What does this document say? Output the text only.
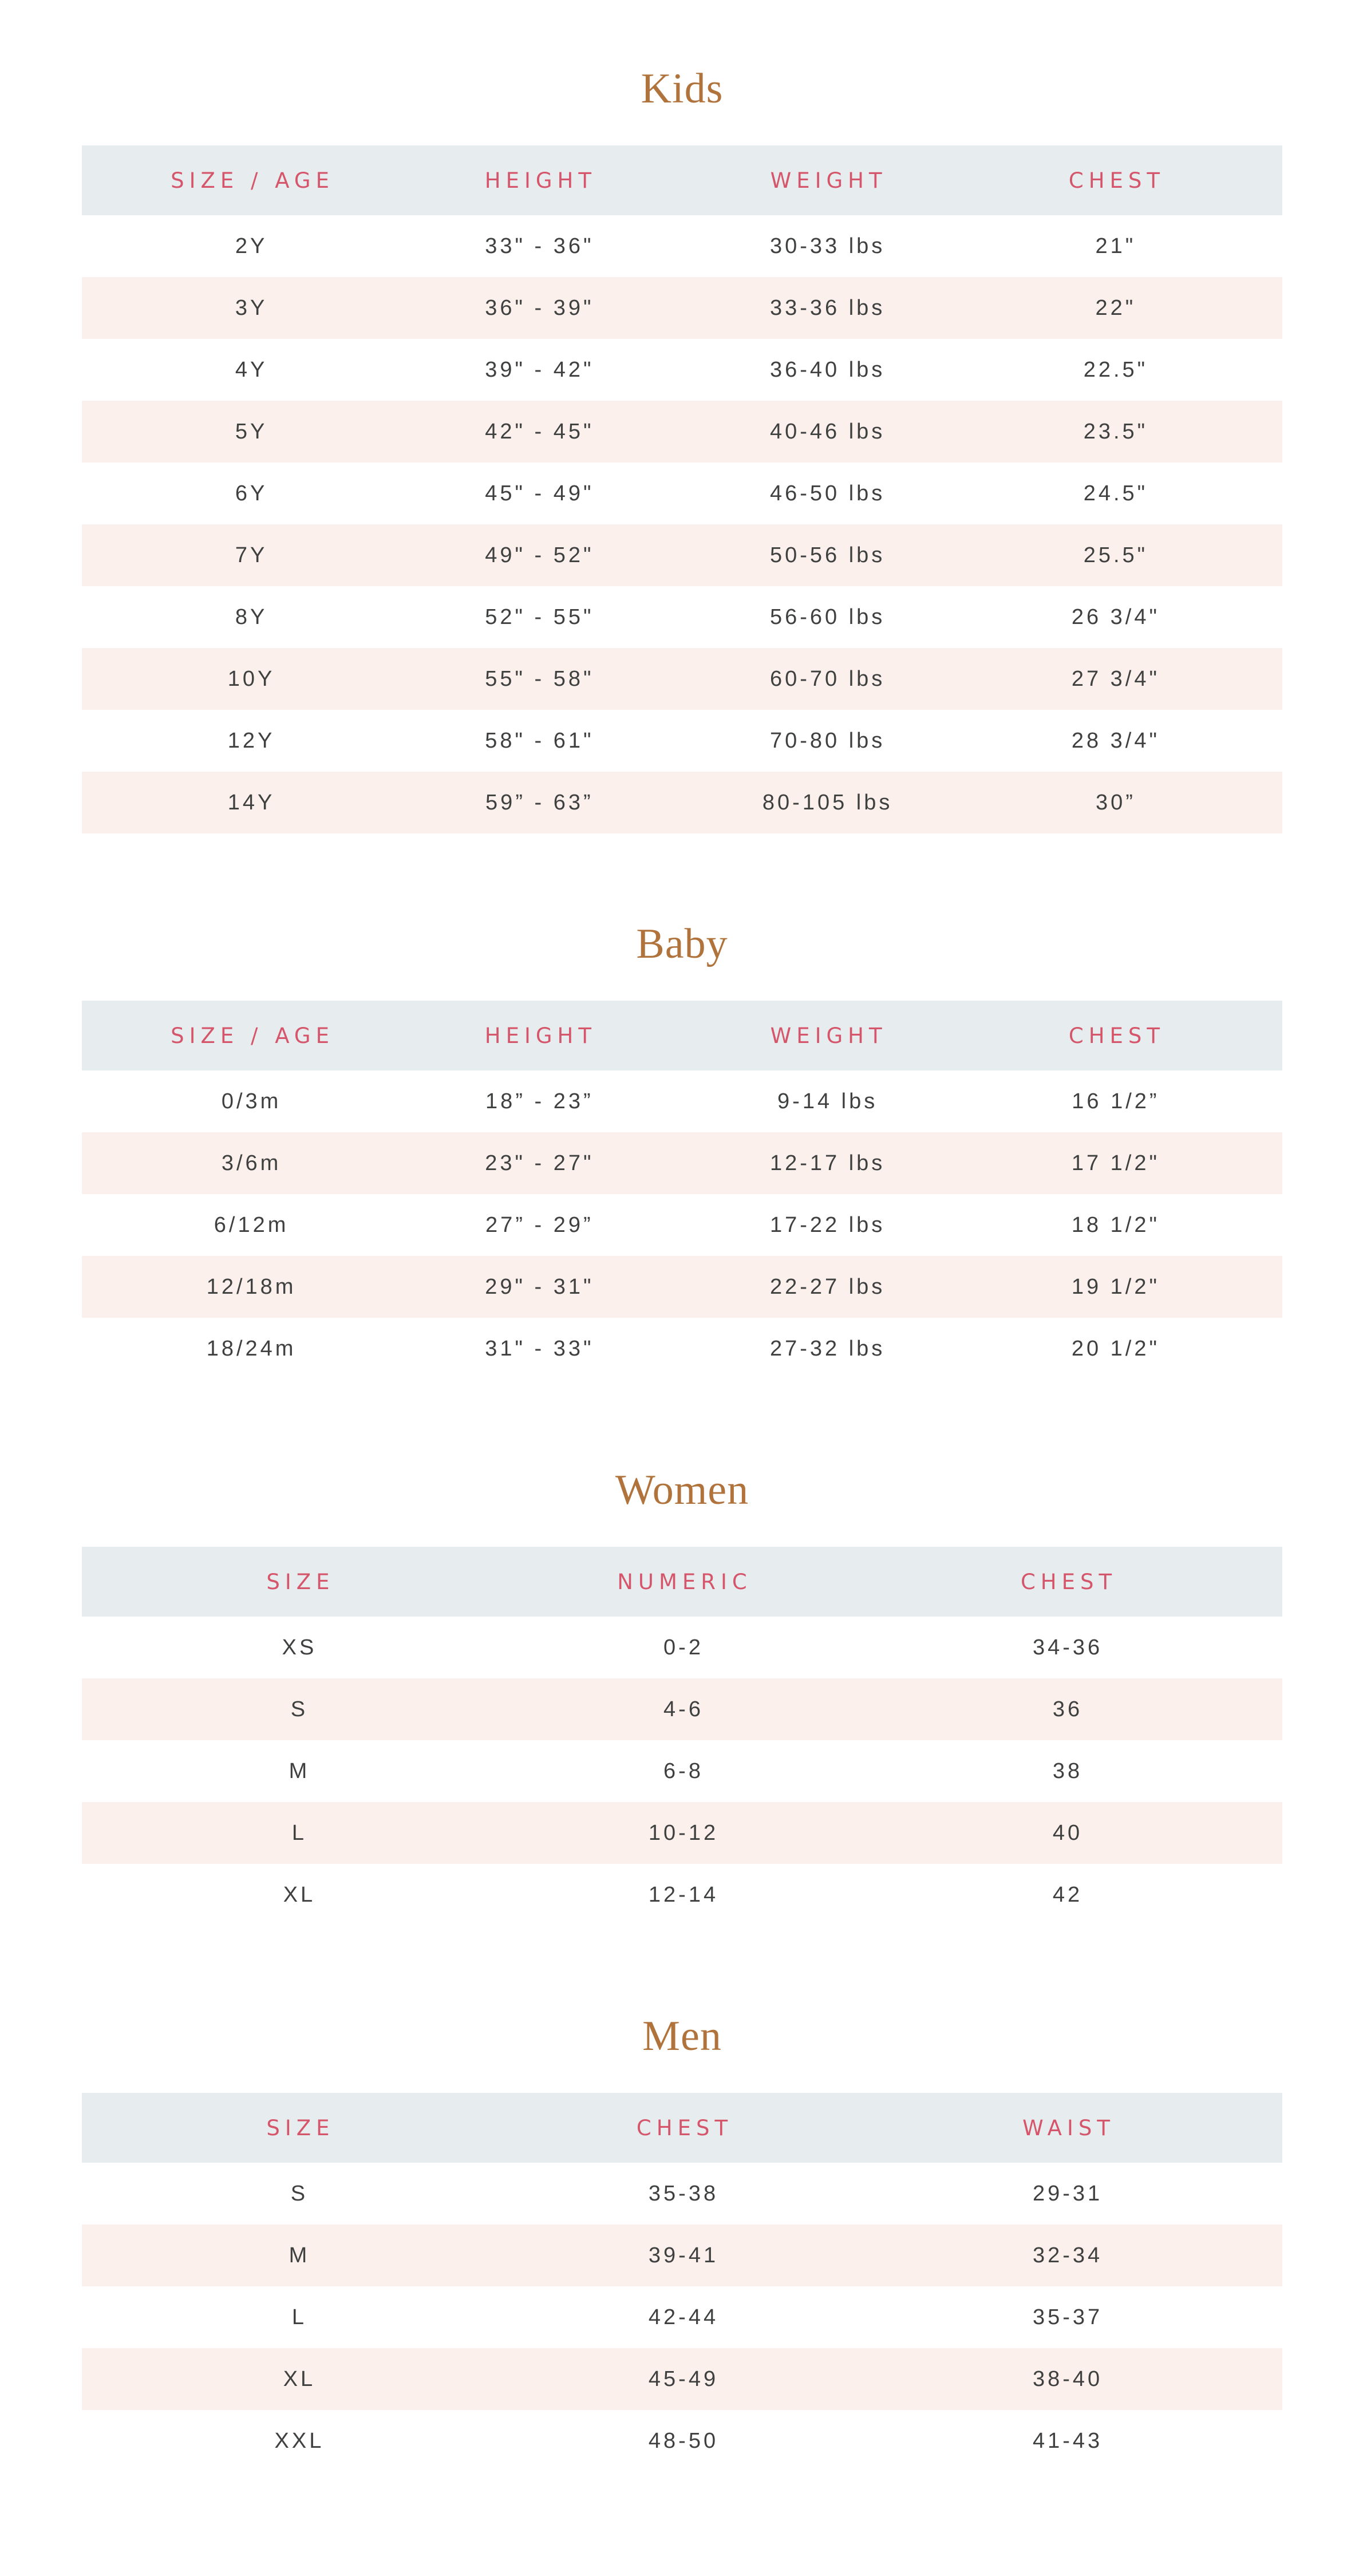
Kids
SIZE / AGE	HEIGHT	WEIGHT	CHEST
2Y	33" - 36"	30-33 lbs	21"
3Y	36" - 39"	33-36 lbs	22"
4Y	39" - 42"	36-40 lbs	22.5"
5Y	42" - 45"	40-46 lbs	23.5"
6Y	45" - 49"	46-50 lbs	24.5"
7Y	49" - 52"	50-56 lbs	25.5"
8Y	52" - 55"	56-60 lbs	26 3/4"
10Y	55" - 58"	60-70 lbs	27 3/4"
12Y	58" - 61"	70-80 lbs	28 3/4"
14Y	59” - 63”	80-105 lbs	30”
Baby
SIZE / AGE	HEIGHT	WEIGHT	CHEST
0/3m	18” - 23”	9-14 lbs	16 1/2”
3/6m	23" - 27"	12-17 lbs	17 1/2"
6/12m	27” - 29”	17-22 lbs	18 1/2"
12/18m	29" - 31"	22-27 lbs	19 1/2"
18/24m	31" - 33"	27-32 lbs	20 1/2"
Women
SIZE	NUMERIC	CHEST
XS	0-2	34-36
S	4-6	36
M	6-8	38
L	10-12	40
XL	12-14	42
Men
SIZE	CHEST	WAIST
S	35-38	29-31
M	39-41	32-34
L	42-44	35-37
XL	45-49	38-40
XXL	48-50	41-43
